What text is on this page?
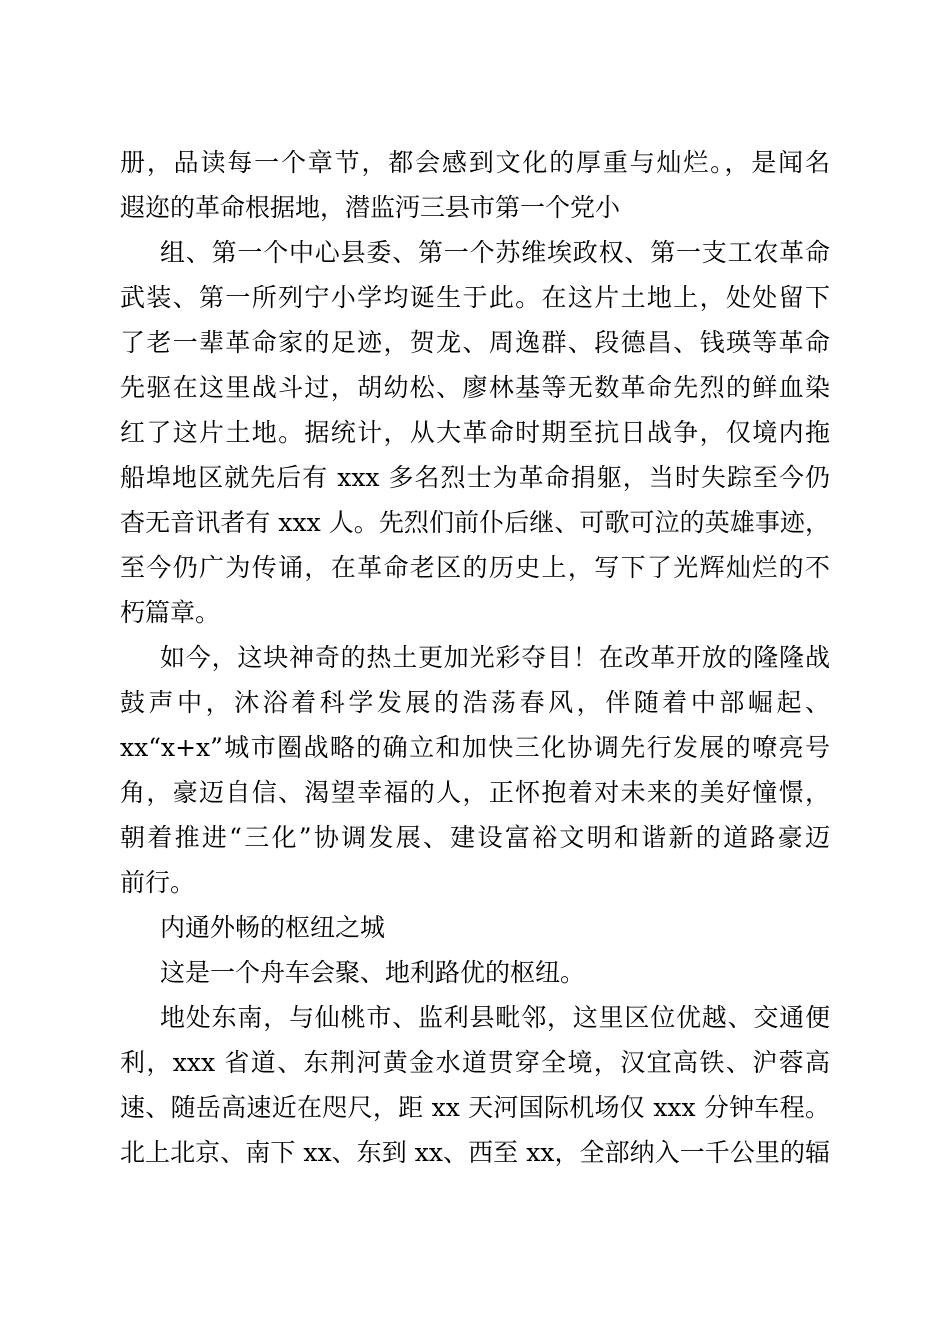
册，品读每一个章节，都会感到文化的厚重与灿烂。，是闻名
遐迩的革命根据地，潜监沔三县市第一个党小
组、第一个中心县委、第一个苏维埃政权、第一支工农革命
武装、第一所列宁小学均诞生于此。在这片土地上，处处留下
了老一辈革命家的足迹，贺龙、周逸群、段德昌、钱瑛等革命
先驱在这里战斗过，胡幼松、廖林基等无数革命先烈的鲜血染
红了这片土地。据统计，从大革命时期至抗日战争，仅境内拖
船埠地区就先后有 xxx 多名烈士为革命捐躯，当时失踪至今仍
杳无音讯者有 xxx 人。先烈们前仆后继、可歌可泣的英雄事迹，
至今仍广为传诵，在革命老区的历史上，写下了光辉灿烂的不
朽篇章。
如今，这块神奇的热土更加光彩夺目！在改革开放的隆隆战
鼓声中，沐浴着科学发展的浩荡春风，伴随着中部崛起、
xx“x+x”城市圈战略的确立和加快三化协调先行发展的嘹亮号
角，豪迈自信、渴望幸福的人，正怀抱着对未来的美好憧憬，
朝着推进“三化”协调发展、建设富裕文明和谐新的道路豪迈
前行。
内通外畅的枢纽之城
这是一个舟车会聚、地利路优的枢纽。
地处东南，与仙桃市、监利县毗邻，这里区位优越、交通便
利，xxx 省道、东荆河黄金水道贯穿全境，汉宜高铁、沪蓉高
速、随岳高速近在咫尺，距 xx 天河国际机场仅 xxx 分钟车程。
北上北京、南下 xx、东到 xx、西至 xx，全部纳入一千公里的辐
